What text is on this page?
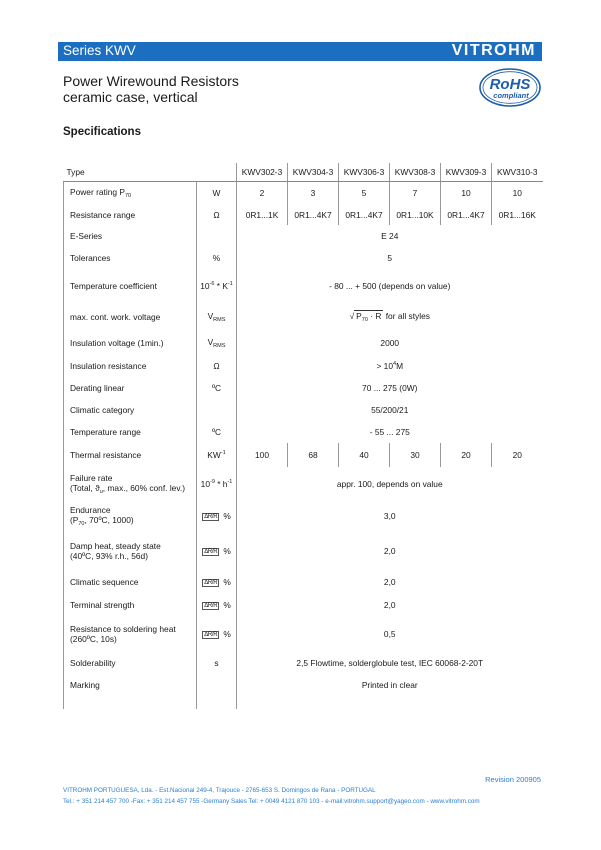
Series KWV	VITROHM
Power Wirewound Resistors
ceramic case, vertical
RoHS
compliant
Specifications
Type		KWV302-3	KWV304-3	KWV306-3	KWV308-3	KWV309-3	KWV310-3
Power rating $P_{70}$	W	2	3	5	7	10	10
Resistance range	Ω	0R1...1K	0R1...4K7	0R1...4K7	0R1...10K	0R1...4K7	0R1...16K
E-Series		E 24					
Tolerances	%	5					
Temperature coefficient	$10^{-6} * K^{-1}$	- 80 ... + 500 (depends on value)					
max. cont. work. voltage	$V_{RMS}$	√ $P_{70} \cdot R$ for all styles					
Insulation voltage (1min.)	$V_{RMS}$	2000					
Insulation resistance	Ω	> $10^4M$					
Derating linear	ºC	70 ... 275 (0W)					
Climatic category		55/200/21					
Temperature range	ºC	- 55 ... 275					
Thermal resistance	$KW^{-1}$	100	68	40	30	20	20

Failure rate
(Total, $ϑ_u$, max., 60% conf. lev.)	$10^{-9} * h^{-1}$	appr. 100, depends on value					

Endurance
($P_{70}$, 70ºC, 1000)	ΔR/R %	3,0					

Damp heat, steady state
(40ºC, 93% r.h., 56d)	ΔR/R %	2,0					
Climatic sequence	ΔR/R %	2,0					
Terminal strength	ΔR/R %	2,0					

Resistance to soldering heat
(260ºC, 10s)	ΔR/R %	0,5					
Solderability	s	2,5 Flowtime, solderglobule test, IEC 60068-2-20T					
Marking		Printed in clear					

Revision 200905
VITROHM PORTUGUESA, Lda. - Est.Nacional 249-4, Trajouce - 2765-653 S. Domingos de Rana - PORTUGAL
Tel.: + 351 214 457 700 -Fax: + 351 214 457 755 -Germany Sales Tel: + 0049 4121 870 103 - e-mail:vitrohm.support@yageo.com - www.vitrohm.com
